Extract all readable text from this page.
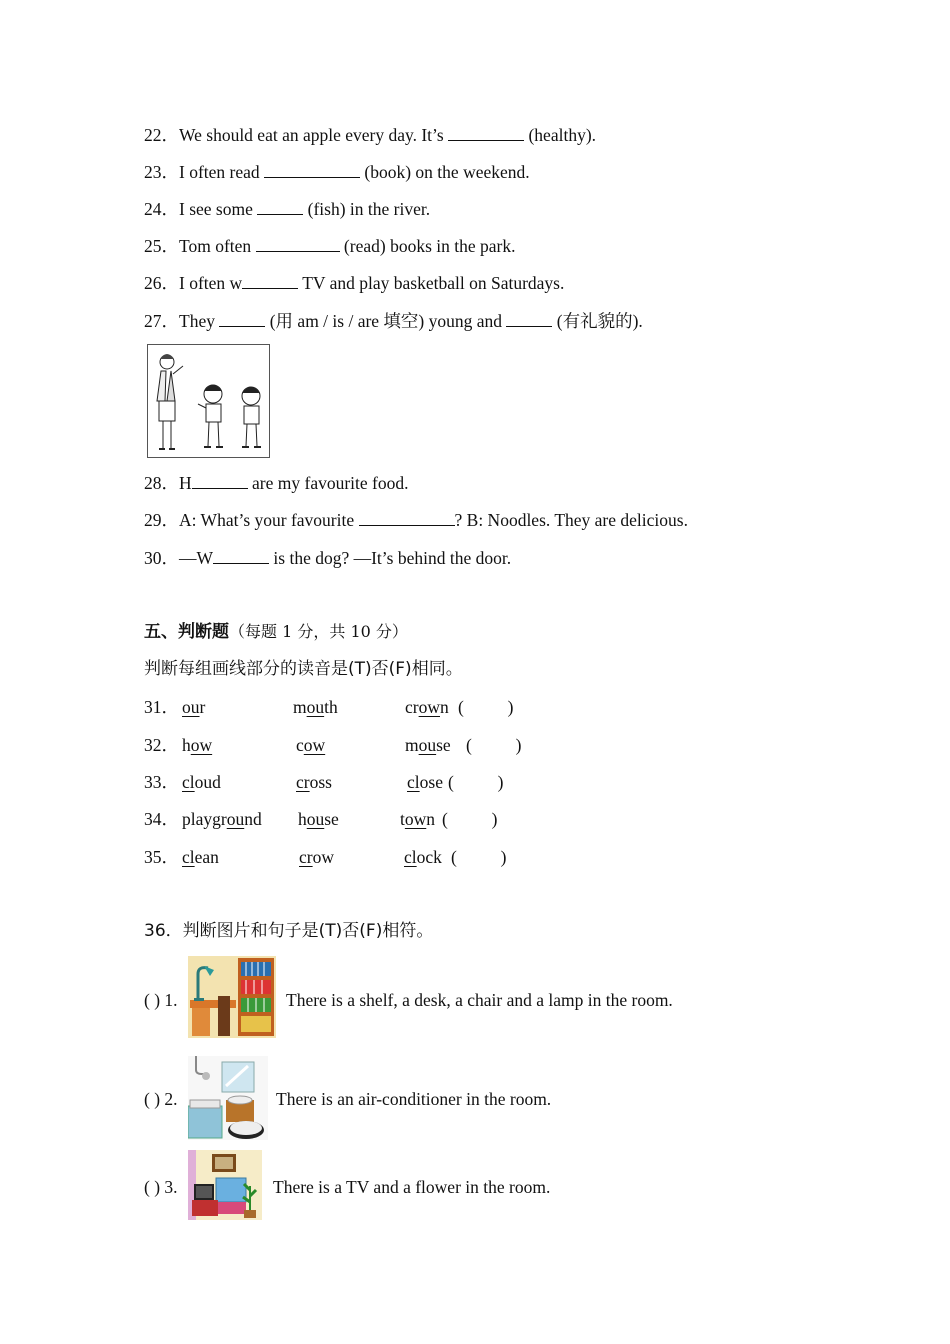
22．We should eat an apple every day. It’s	(healthy).
23．I often read	(book) on the weekend.
24．I see some	(fish) in the river.
25．Tom often	(read) books in the park.
26．I often w	TV and play basketball on Saturdays.
27．They	(用 am / is / are 填空) young and	(有礼貌的).
28．H	are my favourite food.
29．A: What’s your favourite	? B: Noodles. They are delicious.
30．—W	is the dog? —It’s behind the door.
五、判断题（每题 1 分，共 10 分）
判断每组画线部分的读音是(T)否(F)相同。
31． our	mouth	crown (          )
32． how	cow	mouse (          )
33． cloud	cross	close (          )
34． playground house	town (          )
35． clean	crow	clock (          )
36．判断图片和句子是(T)否(F)相符。
( ) 1.	There is a shelf, a desk, a chair and a lamp in the room.
( ) 2.	There is an air-conditioner in the room.
( ) 3.	There is a TV and a flower in the room.
